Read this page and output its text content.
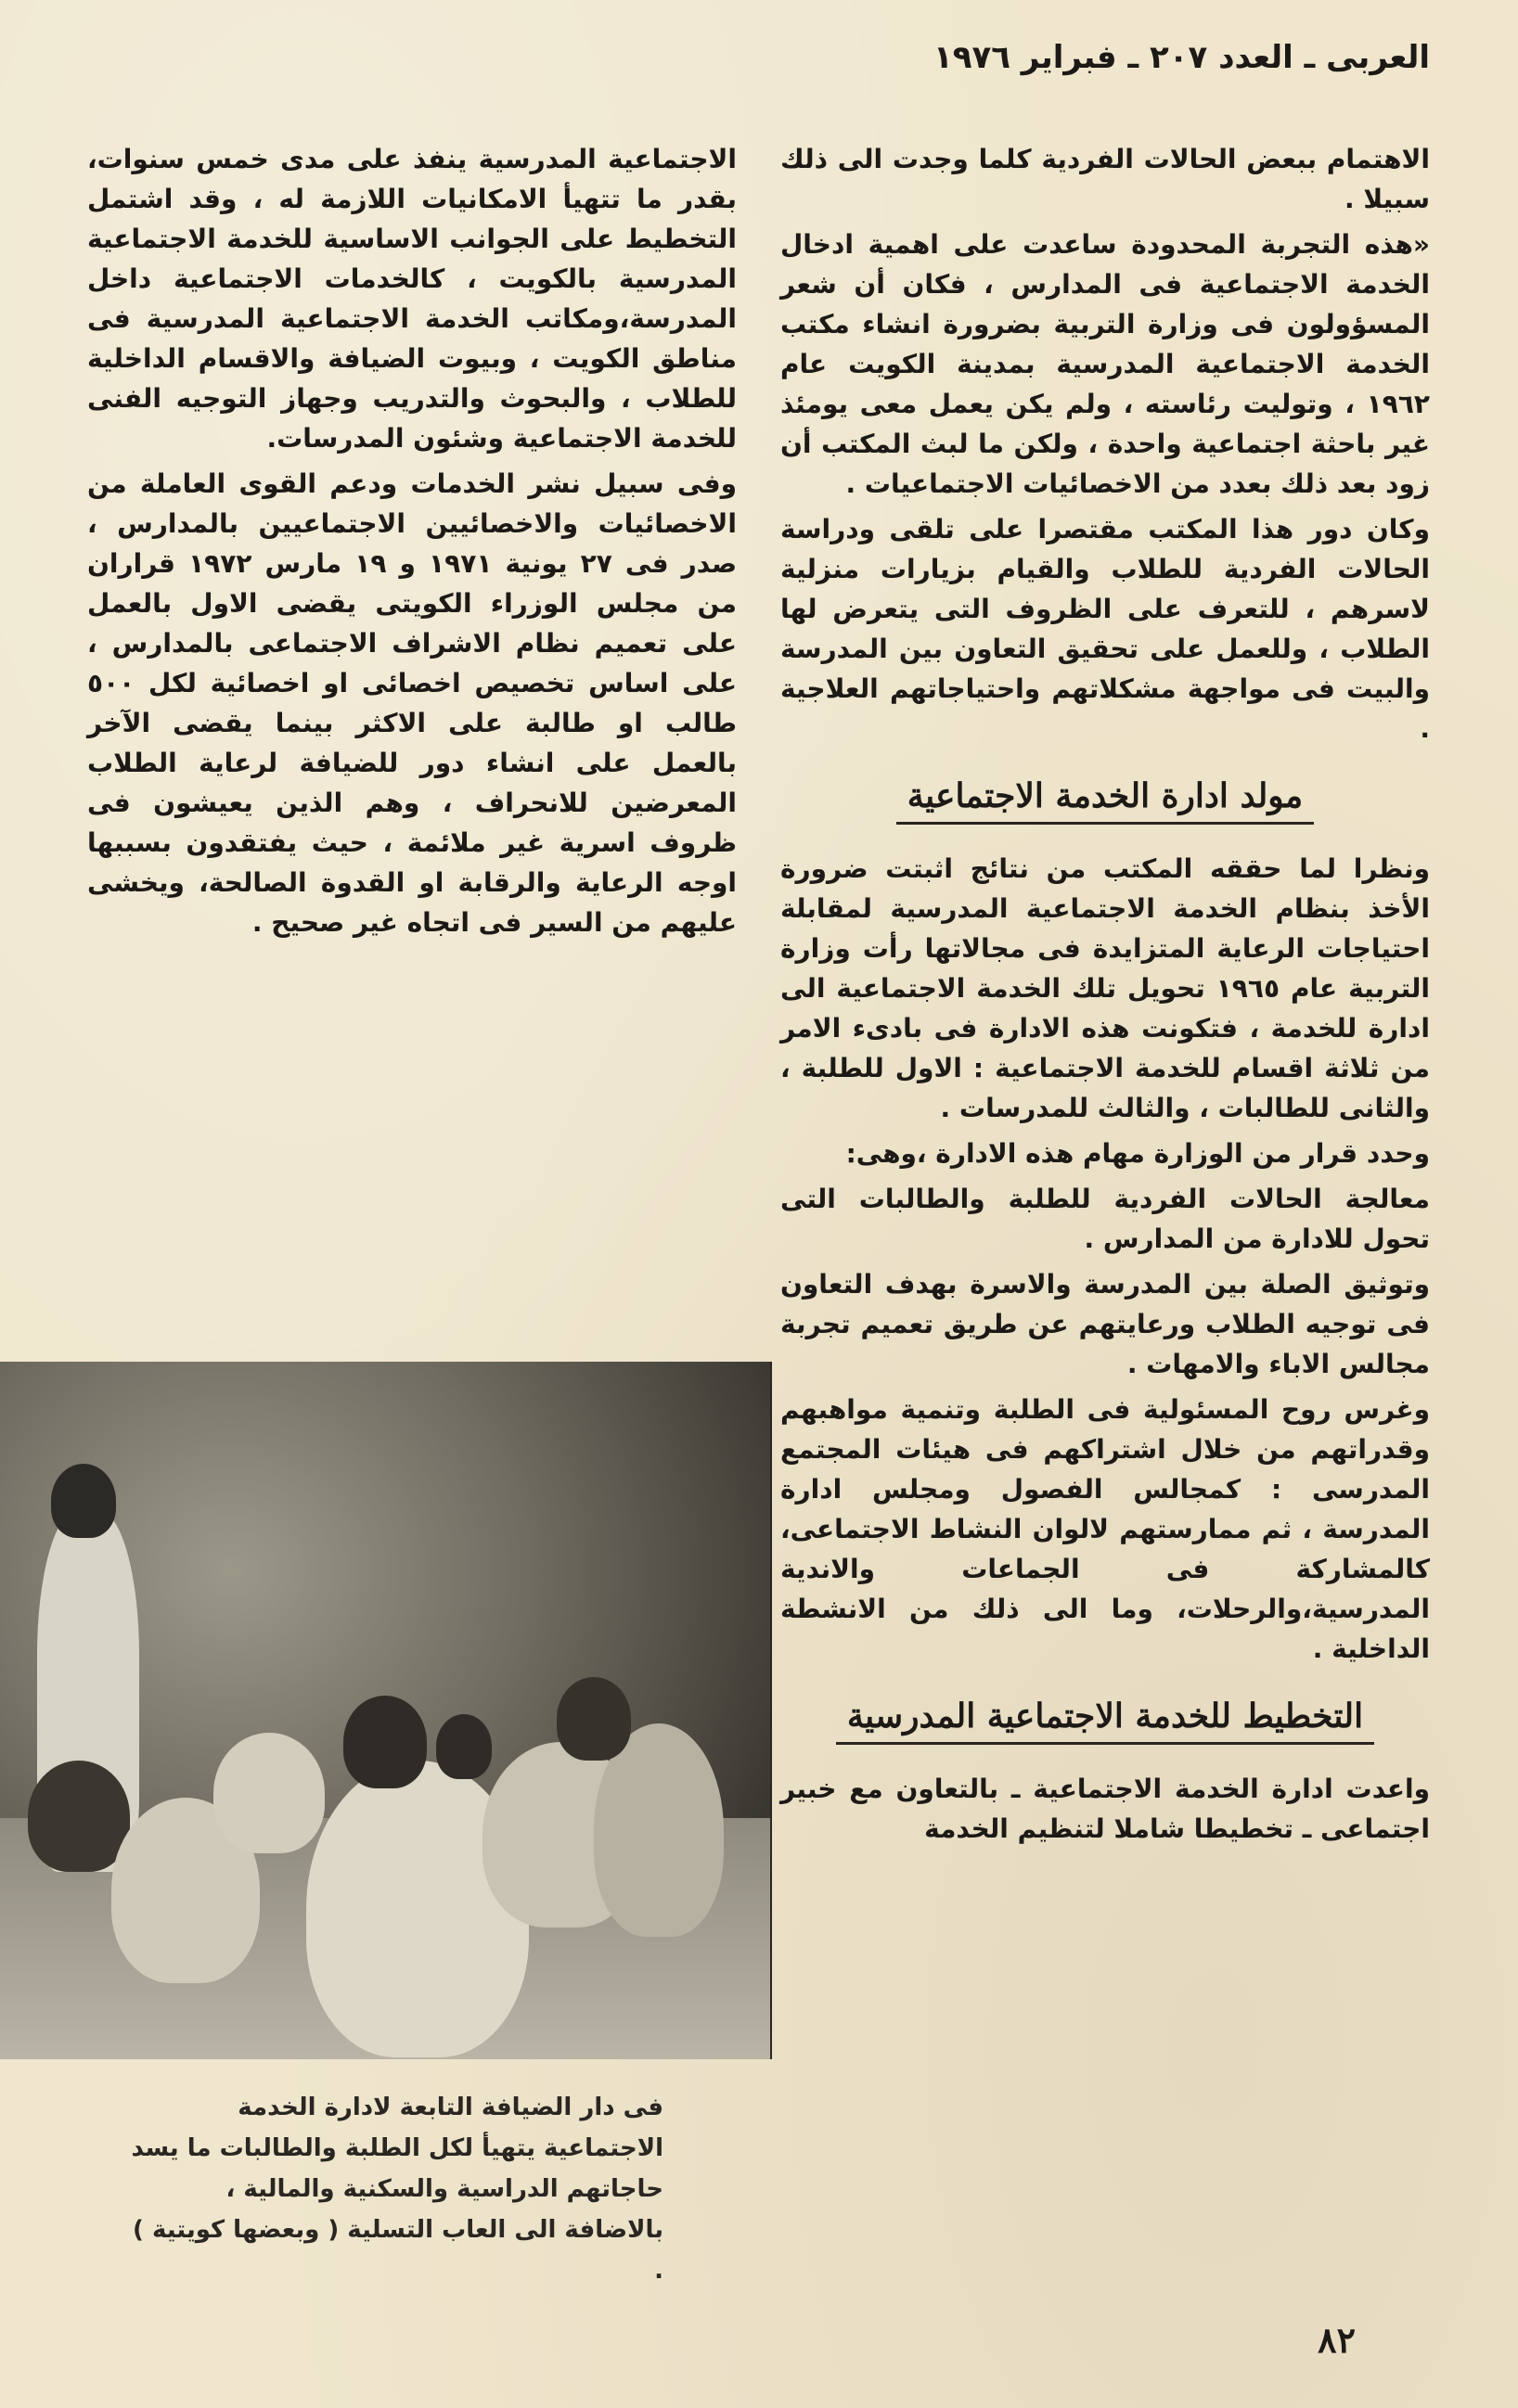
العربى ـ العدد ٢٠٧ ـ فبراير ١٩٧٦

الاهتمام ببعض الحالات الفردية كلما وجدت الى ذلك سبيلا .

«هذه التجربة المحدودة ساعدت على اهمية ادخال الخدمة الاجتماعية فى المدارس ، فكان أن شعر المسؤولون فى وزارة التربية بضرورة انشاء مكتب الخدمة الاجتماعية المدرسية بمدينة الكويت عام ١٩٦٢ ، وتوليت رئاسته ، ولم يكن يعمل معى يومئذ غير باحثة اجتماعية واحدة ، ولكن ما لبث المكتب أن زود بعد ذلك بعدد من الاخصائيات الاجتماعيات .

وكان دور هذا المكتب مقتصرا على تلقى ودراسة الحالات الفردية للطلاب والقيام بزيارات منزلية لاسرهم ، للتعرف على الظروف التى يتعرض لها الطلاب ، وللعمل على تحقيق التعاون بين المدرسة والبيت فى مواجهة مشكلاتهم واحتياجاتهم العلاجية .

مولد ادارة الخدمة الاجتماعية

ونظرا لما حققه المكتب من نتائج اثبتت ضرورة الأخذ بنظام الخدمة الاجتماعية المدرسية لمقابلة احتياجات الرعاية المتزايدة فى مجالاتها رأت وزارة التربية عام ١٩٦٥ تحويل تلك الخدمة الاجتماعية الى ادارة للخدمة ، فتكونت هذه الادارة فى بادىء الامر من ثلاثة اقسام للخدمة الاجتماعية : الاول للطلبة ، والثانى للطالبات ، والثالث للمدرسات .

وحدد قرار من الوزارة مهام هذه الادارة ،وهى:

معالجة الحالات الفردية للطلبة والطالبات التى تحول للادارة من المدارس .

وتوثيق الصلة بين المدرسة والاسرة بهدف التعاون فى توجيه الطلاب ورعايتهم عن طريق تعميم تجربة مجالس الاباء والامهات .

وغرس روح المسئولية فى الطلبة وتنمية مواهبهم وقدراتهم من خلال اشتراكهم فى هيئات المجتمع المدرسى : كمجالس الفصول ومجلس ادارة المدرسة ، ثم ممارستهم لالوان النشاط الاجتماعى، كالمشاركة فى الجماعات والاندية المدرسية،والرحلات، وما الى ذلك من الانشطة الداخلية .

التخطيط للخدمة الاجتماعية المدرسية

واعدت ادارة الخدمة الاجتماعية ـ بالتعاون مع خبير اجتماعى ـ تخطيطا شاملا لتنظيم الخدمة

الاجتماعية المدرسية ينفذ على مدى خمس سنوات، بقدر ما تتهيأ الامكانيات اللازمة له ، وقد اشتمل التخطيط على الجوانب الاساسية للخدمة الاجتماعية المدرسية بالكويت ، كالخدمات الاجتماعية داخل المدرسة،ومكاتب الخدمة الاجتماعية المدرسية فى مناطق الكويت ، وبيوت الضيافة والاقسام الداخلية للطلاب ، والبحوث والتدريب وجهاز التوجيه الفنى للخدمة الاجتماعية وشئون المدرسات.

وفى سبيل نشر الخدمات ودعم القوى العاملة من الاخصائيات والاخصائيين الاجتماعيين بالمدارس ، صدر فى ٢٧ يونية ١٩٧١ و ١٩ مارس ١٩٧٢ قراران من مجلس الوزراء الكويتى يقضى الاول بالعمل على تعميم نظام الاشراف الاجتماعى بالمدارس ، على اساس تخصيص اخصائى او اخصائية لكل ٥٠٠ طالب او طالبة على الاكثر بينما يقضى الآخر بالعمل على انشاء دور للضيافة لرعاية الطلاب المعرضين للانحراف ، وهم الذين يعيشون فى ظروف اسرية غير ملائمة ، حيث يفتقدون بسببها اوجه الرعاية والرقابة او القدوة الصالحة، ويخشى عليهم من السير فى اتجاه غير صحيح .

فى دار الضيافة التابعة لادارة الخدمة الاجتماعية يتهيأ لكل الطلبة والطالبات ما يسد حاجاتهم الدراسية والسكنية والمالية ، بالاضافة الى العاب التسلية ( وبعضها كويتية ) .
٨٢
